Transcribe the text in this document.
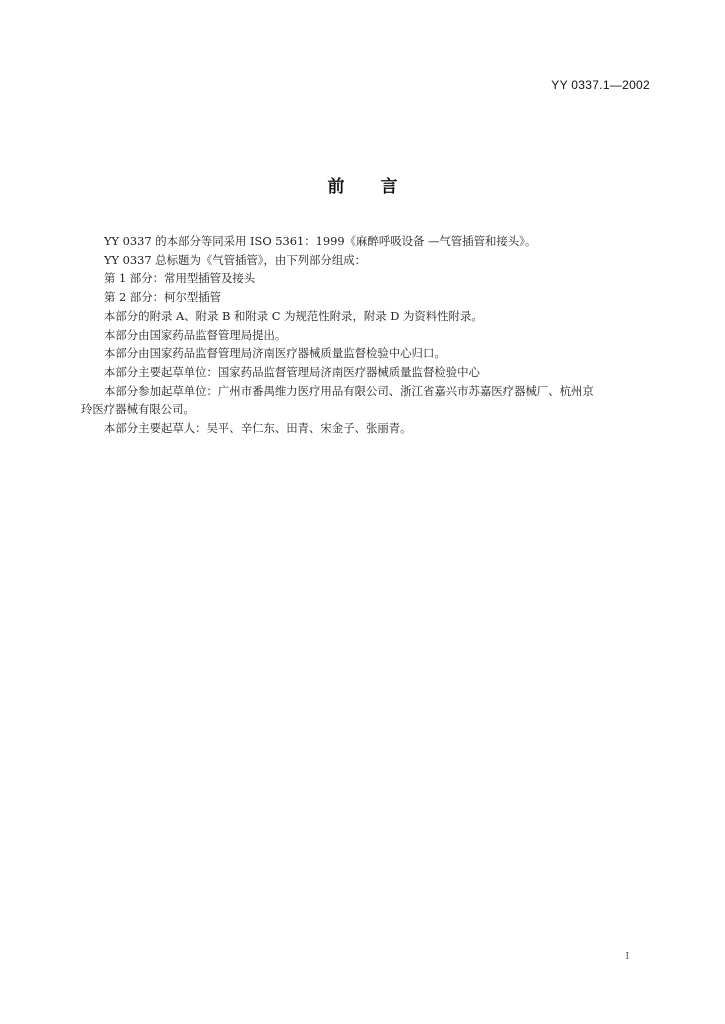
YY 0337.1—2002
前言

YY 0337 的本部分等同采用 ISO 5361：1999《麻醉呼吸设备 —气管插管和接头》。

YY 0337 总标题为《气管插管》，由下列部分组成：

第 1 部分：常用型插管及接头

第 2 部分：柯尔型插管

本部分的附录 A、附录 B 和附录 C 为规范性附录，附录 D 为资料性附录。

本部分由国家药品监督管理局提出。

本部分由国家药品监督管理局济南医疗器械质量监督检验中心归口。

本部分主要起草单位：国家药品监督管理局济南医疗器械质量监督检验中心

本部分参加起草单位：广州市番禺维力医疗用品有限公司、浙江省嘉兴市苏嘉医疗器械厂、杭州京

玲医疗器械有限公司。

本部分主要起草人：吴平、辛仁东、田青、宋金子、张丽青。

I
